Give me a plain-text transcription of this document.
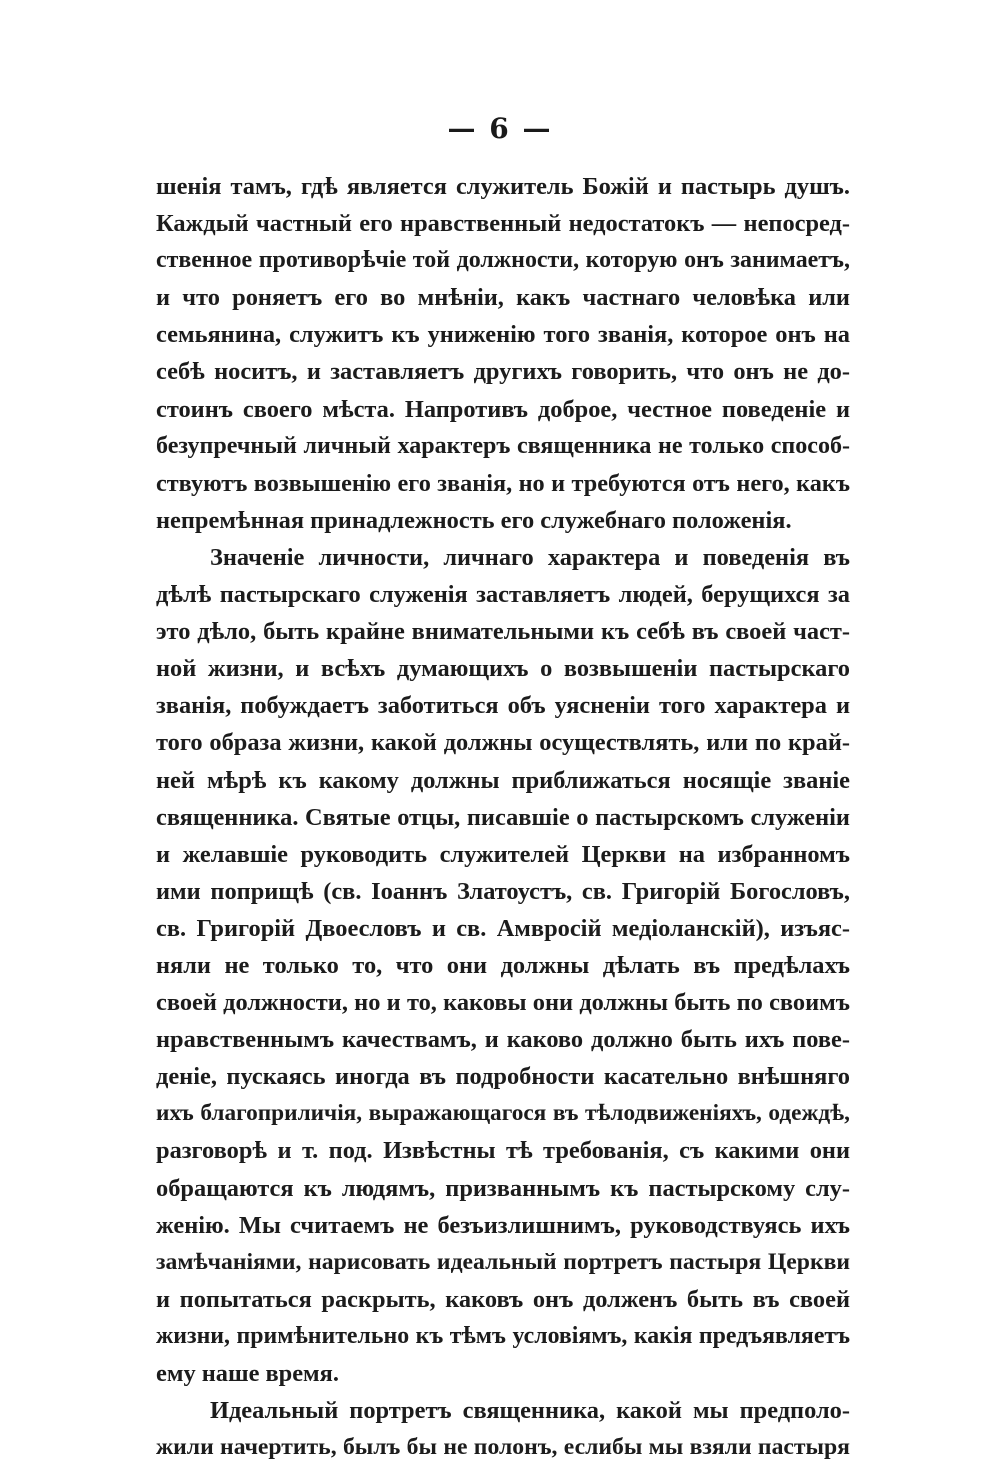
— 6 —
шенія тамъ, гдѣ является служитель Божій и пастырь душъ.
Каждый частный его нравственный недостатокъ — непосред-
ственное противорѣчіе той должности, которую онъ занимаетъ,
и что роняетъ его во мнѣніи, какъ частнаго человѣка или
семьянина, служитъ къ униженію того званія, которое онъ на
себѣ носитъ, и заставляетъ другихъ говорить, что онъ не до-
стоинъ своего мѣста. Напротивъ доброе, честное поведеніе и
безупречный личный характеръ священника не только способ-
ствуютъ возвышенію его званія, но и требуются отъ него, какъ
непремѣнная принадлежность его служебнаго положенія.
Значеніе личности, личнаго характера и поведенія въ
дѣлѣ пастырскаго служенія заставляетъ людей, берущихся за
это дѣло, быть крайне внимательными къ себѣ въ своей част-
ной жизни, и всѣхъ думающихъ о возвышеніи пастырскаго
званія, побуждаетъ заботиться объ уясненіи того характера и
того образа жизни, какой должны осуществлять, или по край-
ней мѣрѣ къ какому должны приближаться носящіе званіе
священника. Святые отцы, писавшіе о пастырскомъ служеніи
и желавшіе руководить служителей Церкви на избранномъ
ими поприщѣ (св. Іоаннъ Златоустъ, св. Григорій Богословъ,
св. Григорій Двоесловъ и св. Амвросій медіоланскій), изъяс-
няли не только то, что они должны дѣлать въ предѣлахъ
своей должности, но и то, каковы они должны быть по своимъ
нравственнымъ качествамъ, и каково должно быть ихъ пове-
деніе, пускаясь иногда въ подробности касательно внѣшняго
ихъ благоприличія, выражающагося въ тѣлодвиженіяхъ, одеждѣ,
разговорѣ и т. под. Извѣстны тѣ требованія, съ какими они
обращаются къ людямъ, призваннымъ къ пастырскому слу-
женію. Мы считаемъ не безъизлишнимъ, руководствуясь ихъ
замѣчаніями, нарисовать идеальный портретъ пастыря Церкви
и попытаться раскрыть, каковъ онъ долженъ быть въ своей
жизни, примѣнительно къ тѣмъ условіямъ, какія предъявляетъ
ему наше время.
Идеальный портретъ священника, какой мы предполо-
жили начертить, былъ бы не полонъ, еслибы мы взяли пастыря
